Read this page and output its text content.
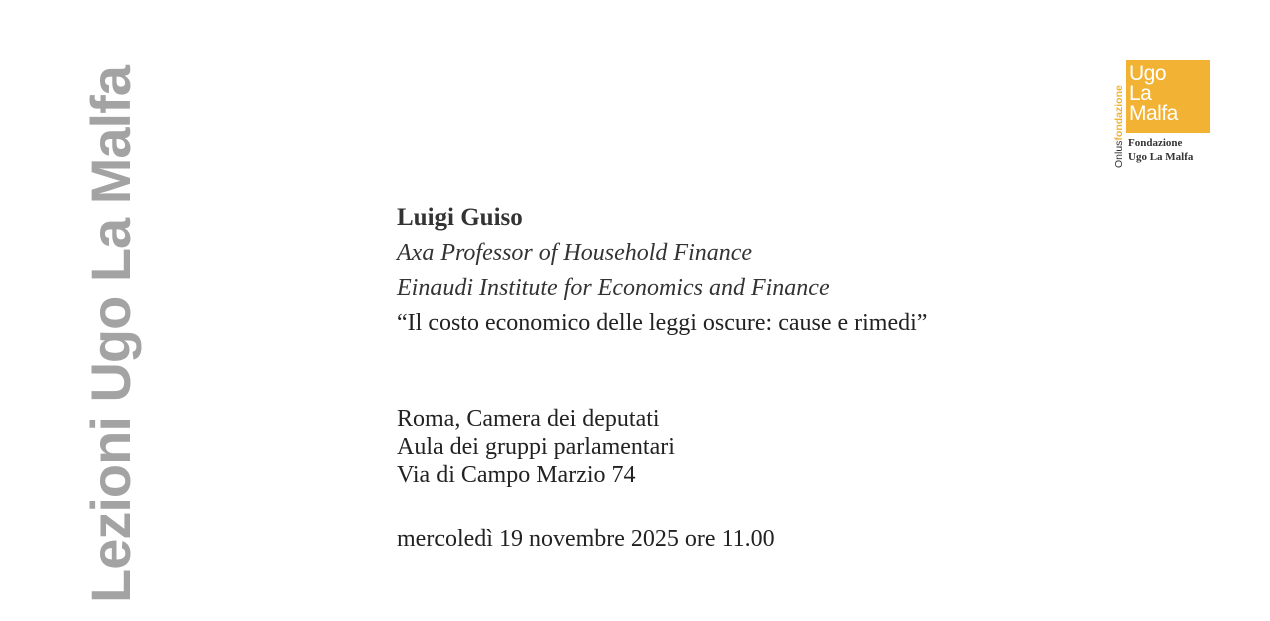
Lezioni Ugo La Malfa	Ugo
La
Malfa
Onlusfondazione
Fondazione
Ugo La Malfa
Luigi Guiso
Axa Professor of Household Finance
Einaudi Institute for Economics and Finance
“Il costo economico delle leggi oscure: cause e rimedi”
Roma, Camera dei deputati
Aula dei gruppi parlamentari
Via di Campo Marzio 74
mercoledì 19 novembre 2025 ore 11.00
